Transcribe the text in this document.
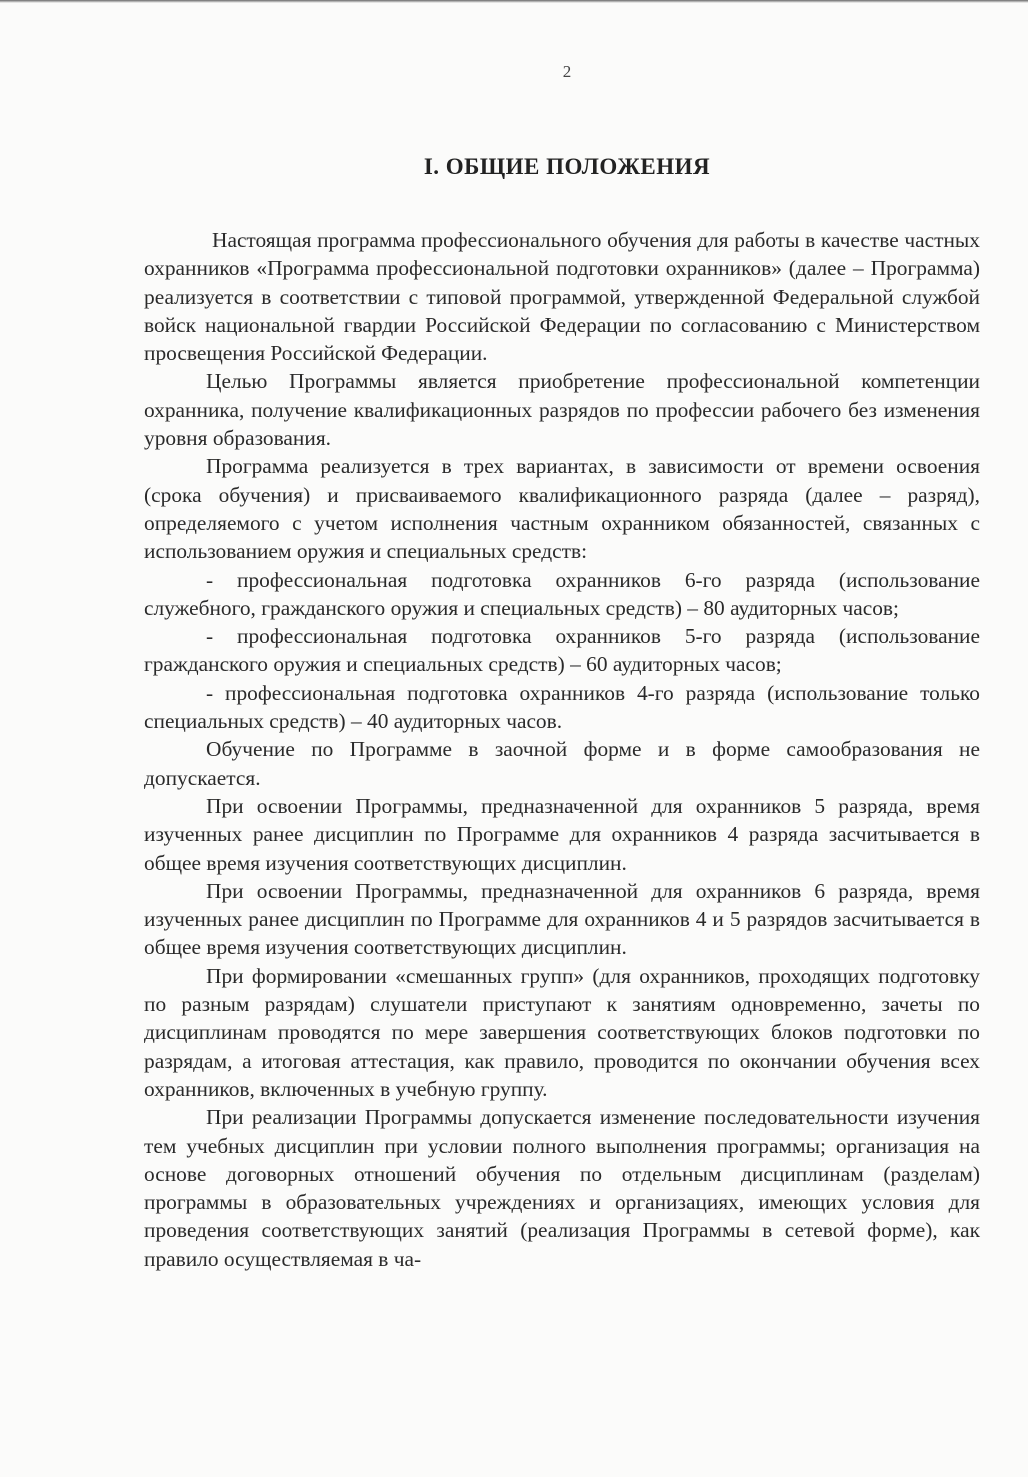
2
I. ОБЩИЕ ПОЛОЖЕНИЯ

Настоящая программа профессионального обучения для работы в качестве частных охранников «Программа профессиональной подготовки охранников» (далее – Программа) реализуется в соответствии с типовой программой, утвержденной Федеральной службой войск национальной гвардии Российской Федерации по согласованию с Министерством просвещения Российской Федерации.

Целью Программы является приобретение профессиональной компетенции охранника, получение квалификационных разрядов по профессии рабочего без изменения уровня образования.

Программа реализуется в трех вариантах, в зависимости от времени освоения (срока обучения) и присваиваемого квалификационного разряда (далее – разряд), определяемого с учетом исполнения частным охранником обязанностей, связанных с использованием оружия и специальных средств:

- профессиональная подготовка охранников 6-го разряда (использование служебного, гражданского оружия и специальных средств) – 80 аудиторных часов;

- профессиональная подготовка охранников 5-го разряда (использование гражданского оружия и специальных средств) – 60 аудиторных часов;

- профессиональная подготовка охранников 4-го разряда (использование только специальных средств) – 40 аудиторных часов.

Обучение по Программе в заочной форме и в форме самообразования не допускается.

При освоении Программы, предназначенной для охранников 5 разряда, время изученных ранее дисциплин по Программе для охранников 4 разряда засчитывается в общее время изучения соответствующих дисциплин.

При освоении Программы, предназначенной для охранников 6 разряда, время изученных ранее дисциплин по Программе для охранников 4 и 5 разрядов засчитывается в общее время изучения соответствующих дисциплин.

При формировании «смешанных групп» (для охранников, проходящих подготовку по разным разрядам) слушатели приступают к занятиям одновременно, зачеты по дисциплинам проводятся по мере завершения соответствующих блоков подготовки по разрядам, а итоговая аттестация, как правило, проводится по окончании обучения всех охранников, включенных в учебную группу.

При реализации Программы допускается изменение последовательности изучения тем учебных дисциплин при условии полного выполнения программы; организация на основе договорных отношений обучения по отдельным дисциплинам (разделам) программы в образовательных учреждениях и организациях, имеющих условия для проведения соответствующих занятий (реализация Программы в сетевой форме), как правило осуществляемая в ча-
